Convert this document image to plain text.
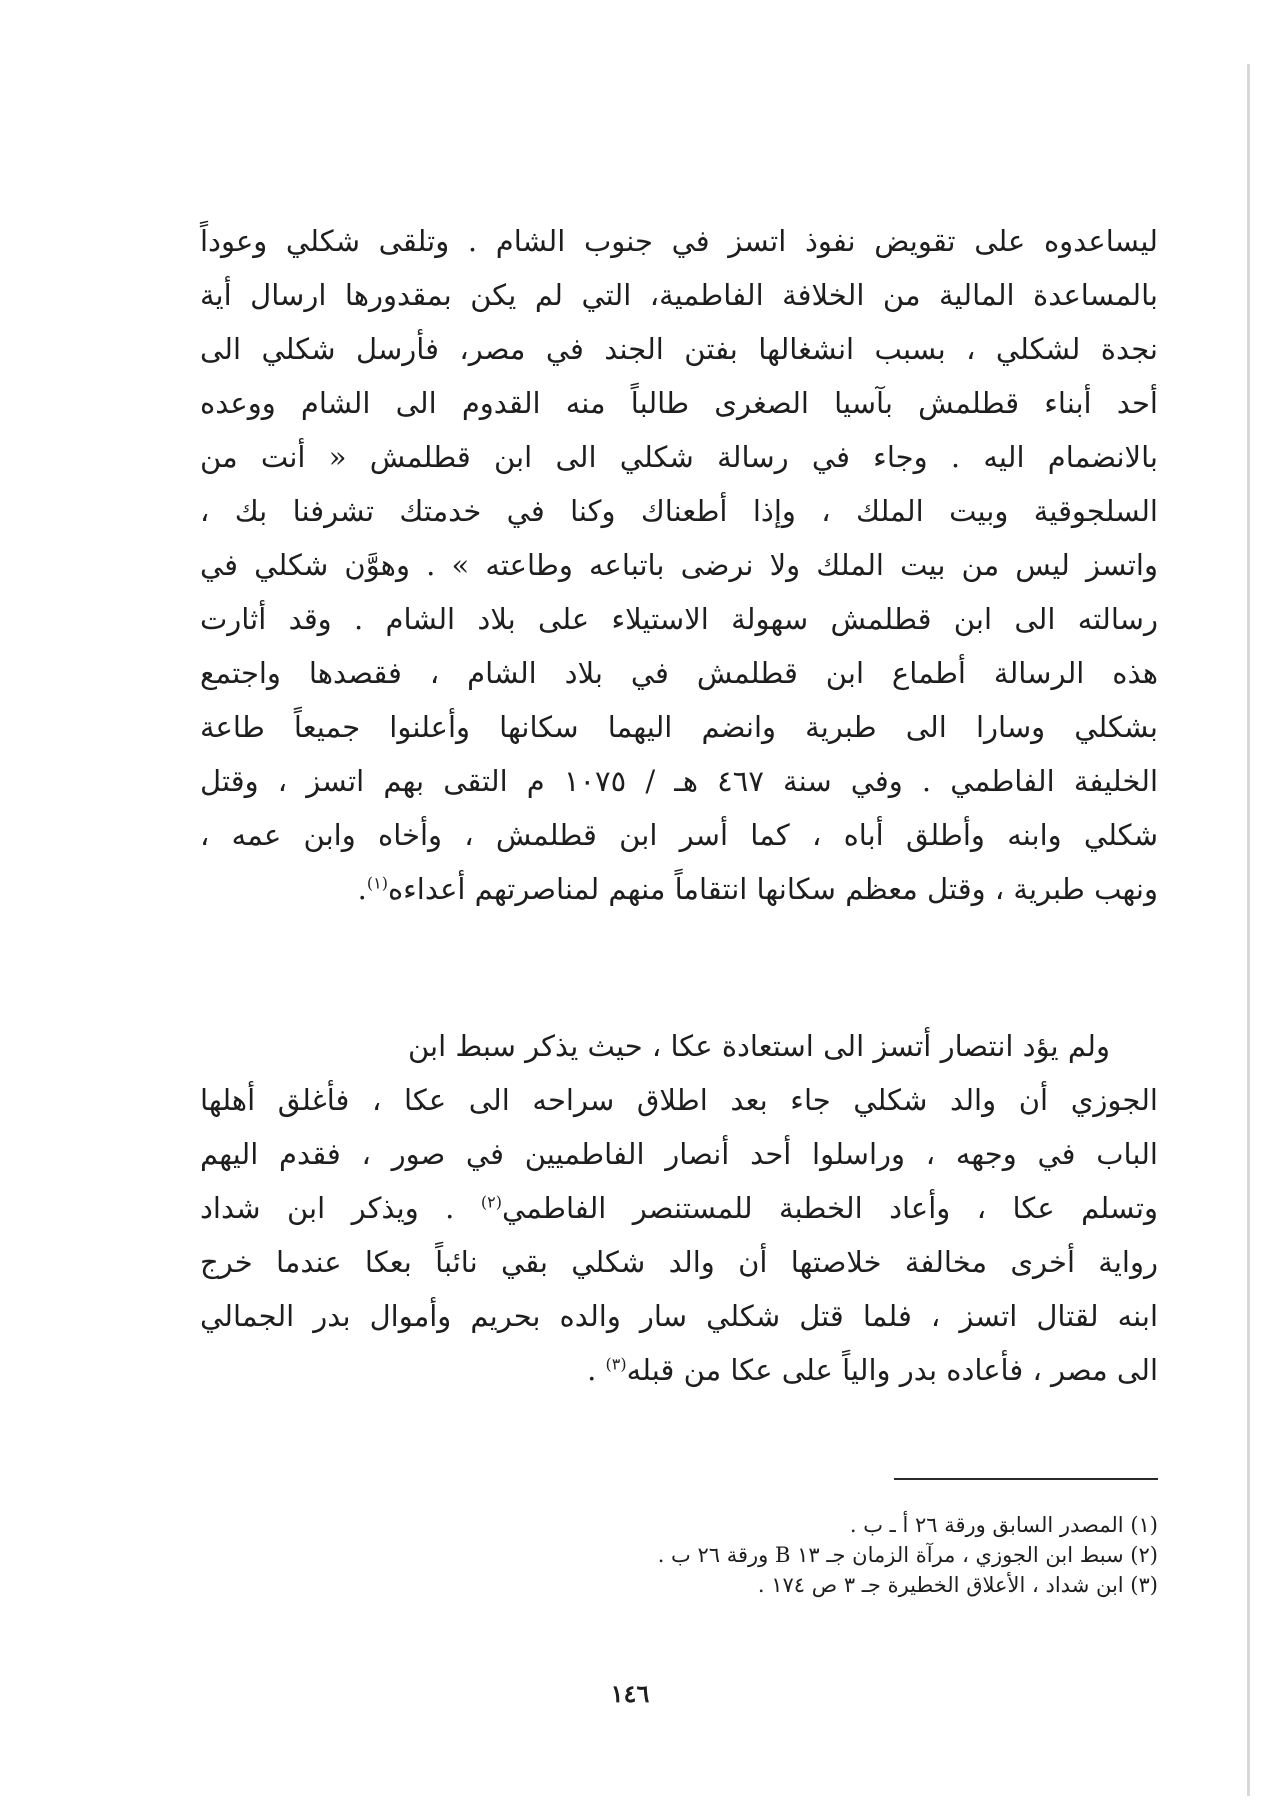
ليساعدوه على تقويض نفوذ اتسز في جنوب الشام . وتلقى شكلي وعوداً
بالمساعدة المالية من الخلافة الفاطمية، التي لم يكن بمقدورها ارسال أية
نجدة لشكلي ، بسبب انشغالها بفتن الجند في مصر، فأرسل شكلي الى
أحد أبناء قطلمش بآسيا الصغرى طالباً منه القدوم الى الشام ووعده
بالانضمام اليه . وجاء في رسالة شكلي الى ابن قطلمش « أنت من
السلجوقية وبيت الملك ، وإذا أطعناك وكنا في خدمتك تشرفنا بك ،
واتسز ليس من بيت الملك ولا نرضى باتباعه وطاعته » . وهوَّن شكلي في
رسالته الى ابن قطلمش سهولة الاستيلاء على بلاد الشام . وقد أثارت
هذه الرسالة أطماع ابن قطلمش في بلاد الشام ، فقصدها واجتمع
بشكلي وسارا الى طبرية وانضم اليهما سكانها وأعلنوا جميعاً طاعة
الخليفة الفاطمي . وفي سنة ٤٦٧ هـ / ١٠٧٥ م التقى بهم اتسز ، وقتل
شكلي وابنه وأطلق أباه ، كما أسر ابن قطلمش ، وأخاه وابن عمه ،
ونهب طبرية ، وقتل معظم سكانها انتقاماً منهم لمناصرتهم أعداءه$^{(١)}$.
ولم يؤد انتصار أتسز الى استعادة عكا ، حيث يذكر سبط ابن
الجوزي أن والد شكلي جاء بعد اطلاق سراحه الى عكا ، فأغلق أهلها
الباب في وجهه ، وراسلوا أحد أنصار الفاطميين في صور ، فقدم اليهم
وتسلم عكا ، وأعاد الخطبة للمستنصر الفاطمي$^{(٢)}$ . ويذكر ابن شداد
رواية أخرى مخالفة خلاصتها أن والد شكلي بقي نائباً بعكا عندما خرج
ابنه لقتال اتسز ، فلما قتل شكلي سار والده بحريم وأموال بدر الجمالي
الى مصر ، فأعاده بدر والياً على عكا من قبله$^{(٣)}$ .
(١) المصدر السابق ورقة ٢٦ أ ـ ب .
(٢) سبط ابن الجوزي ، مرآة الزمان جـ ١٣ B ورقة ٢٦ ب .
(٣) ابن شداد ، الأعلاق الخطيرة جـ ٣ ص ١٧٤ .
١٤٦
